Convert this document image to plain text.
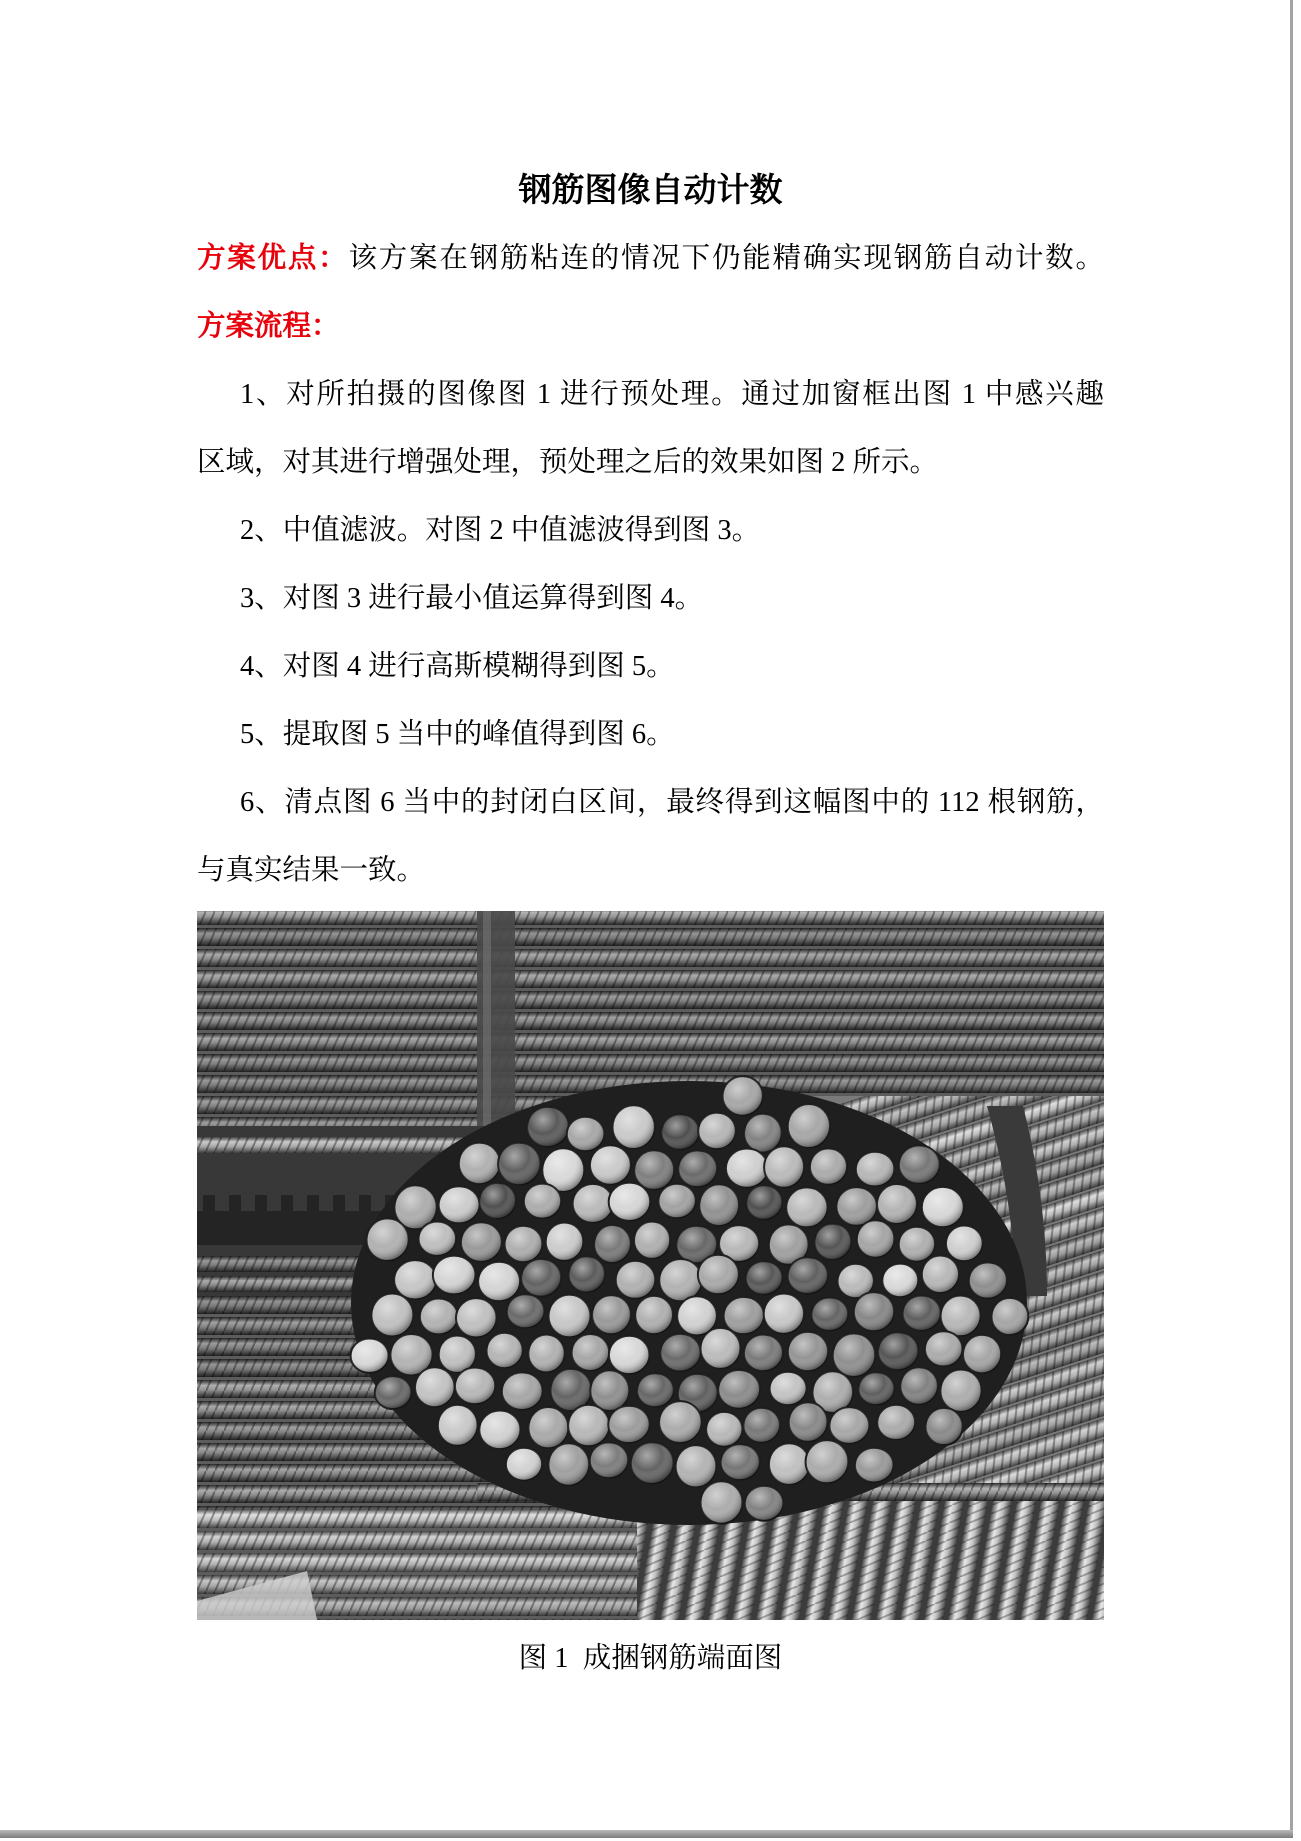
钢筋图像自动计数
方案优点：该方案在钢筋粘连的情况下仍能精确实现钢筋自动计数。
方案流程：
1、对所拍摄的图像图 1 进行预处理。通过加窗框出图 1 中感兴趣
区域，对其进行增强处理，预处理之后的效果如图 2 所示。
2、中值滤波。对图 2 中值滤波得到图 3。
3、对图 3 进行最小值运算得到图 4。
4、对图 4 进行高斯模糊得到图 5。
5、提取图 5 当中的峰值得到图 6。
6、清点图 6 当中的封闭白区间，最终得到这幅图中的 112 根钢筋，
与真实结果一致。
图 1  成捆钢筋端面图
